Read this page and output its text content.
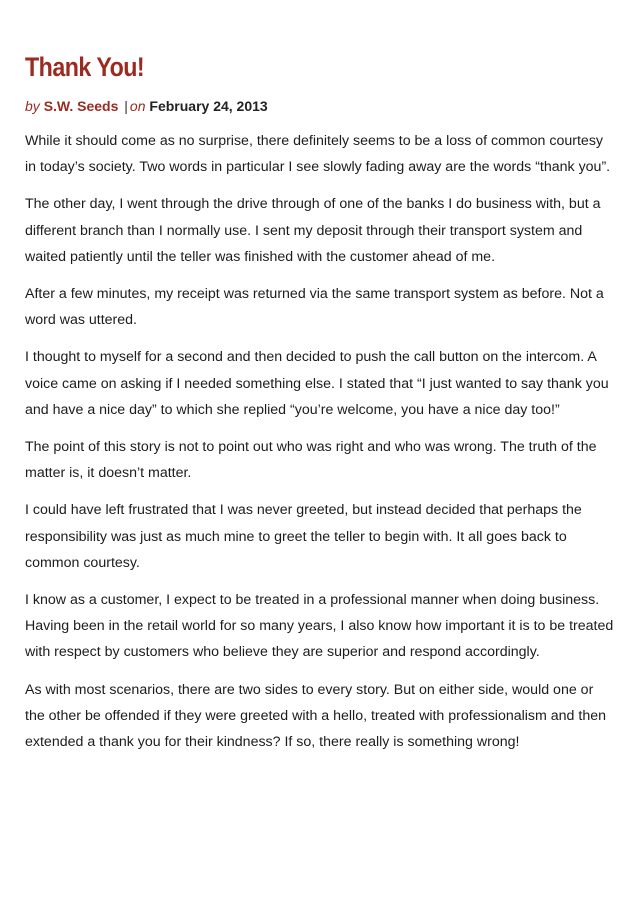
Thank You!
by S.W. Seeds | on February 24, 2013

While it should come as no surprise, there definitely seems to be a loss of common courtesy in today’s society. Two words in particular I see slowly fading away are the words “thank you”.

The other day, I went through the drive through of one of the banks I do business with, but a different branch than I normally use. I sent my deposit through their transport system and waited patiently until the teller was finished with the customer ahead of me.

After a few minutes, my receipt was returned via the same transport system as before. Not a word was uttered.

I thought to myself for a second and then decided to push the call button on the intercom. A voice came on asking if I needed something else. I stated that “I just wanted to say thank you and have a nice day” to which she replied “you’re welcome, you have a nice day too!”

The point of this story is not to point out who was right and who was wrong. The truth of the matter is, it doesn’t matter.

I could have left frustrated that I was never greeted, but instead decided that perhaps the responsibility was just as much mine to greet the teller to begin with. It all goes back to common courtesy.

I know as a customer, I expect to be treated in a professional manner when doing business. Having been in the retail world for so many years, I also know how important it is to be treated with respect by customers who believe they are superior and respond accordingly.

As with most scenarios, there are two sides to every story. But on either side, would one or the other be offended if they were greeted with a hello, treated with professionalism and then extended a thank you for their kindness? If so, there really is something wrong!
